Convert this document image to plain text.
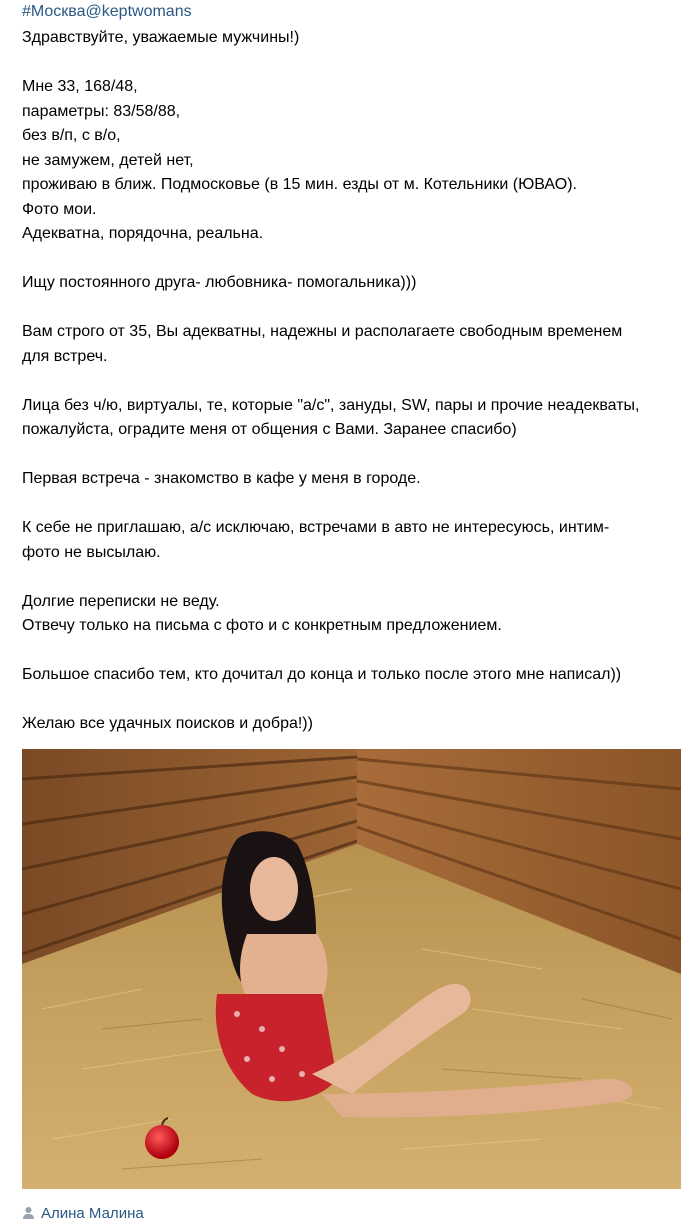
#Москва@keptwomans
Здравствуйте, уважаемые мужчины!)
Мне 33, 168/48,
параметры: 83/58/88,
без в/п, с в/о,
не замужем, детей нет,
проживаю в ближ. Подмосковье (в 15 мин. езды от м. Котельники (ЮВАО).
Фото мои.
Адекватна, порядочна, реальна.
Ищу постоянного друга- любовника- помогальника)))
Вам строго от 35, Вы адекватны, надежны и располагаете свободным временем
для встреч.
Лица без ч/ю, виртуалы, те, которые "а/с", зануды, SW, пары и прочие неадекваты,
пожалуйста, оградите меня от общения с Вами. Заранее спасибо)
Первая встреча - знакомство в кафе у меня в городе.
К себе не приглашаю, а/с исключаю, встречами в авто не интересуюсь, интим-
фото не высылаю.
Долгие переписки не веду.
Отвечу только на письма с фото и с конкретным предложением.
Большое спасибо тем, кто дочитал до конца и только после этого мне написал))
Желаю все удачных поисков и добра!))
Алина Малина
